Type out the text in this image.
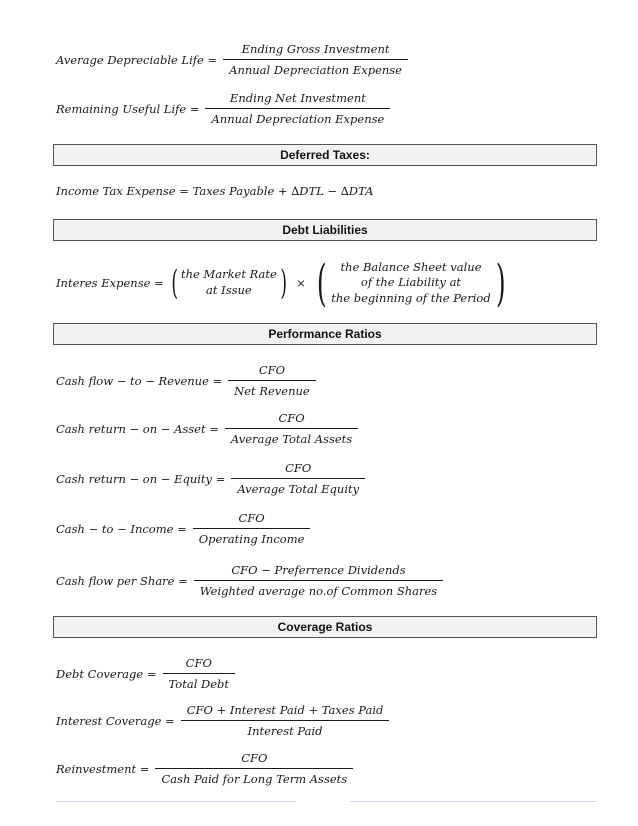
Average Depreciable Life = $\frac{\text{Ending Gross Investment}}{\text{Annual Depreciation Expense}}$
Remaining Useful Life = $\frac{\text{Ending Net Investment}}{\text{Annual Depreciation Expense}}$
Deferred Taxes:
Income Tax Expense = Taxes Payable + ∆DTL − ∆DTA
Debt Liabilities
Interes Expense = ( the Market Rate
at Issue ) × ( the Balance Sheet value
of the Liability at
the beginning of the Period )
Performance Ratios
Cash flow − to − Revenue = $\frac{\text{CFO}}{\text{Net Revenue}}$
Cash return − on − Asset = $\frac{\text{CFO}}{\text{Average Total Assets}}$
Cash return − on − Equity = $\frac{\text{CFO}}{\text{Average Total Equity}}$
Cash − to − Income = $\frac{\text{CFO}}{\text{Operating Income}}$
Cash flow per Share = $\frac{\text{CFO − Preferrence Dividends}}{\text{Weighted average no.of Common Shares}}$
Coverage Ratios
Debt Coverage = $\frac{\text{CFO}}{\text{Total Debt}}$
Interest Coverage = $\frac{\text{CFO + Interest Paid + Taxes Paid}}{\text{Interest Paid}}$
Reinvestment = $\frac{\text{CFO}}{\text{Cash Paid for Long Term Assets}}$
